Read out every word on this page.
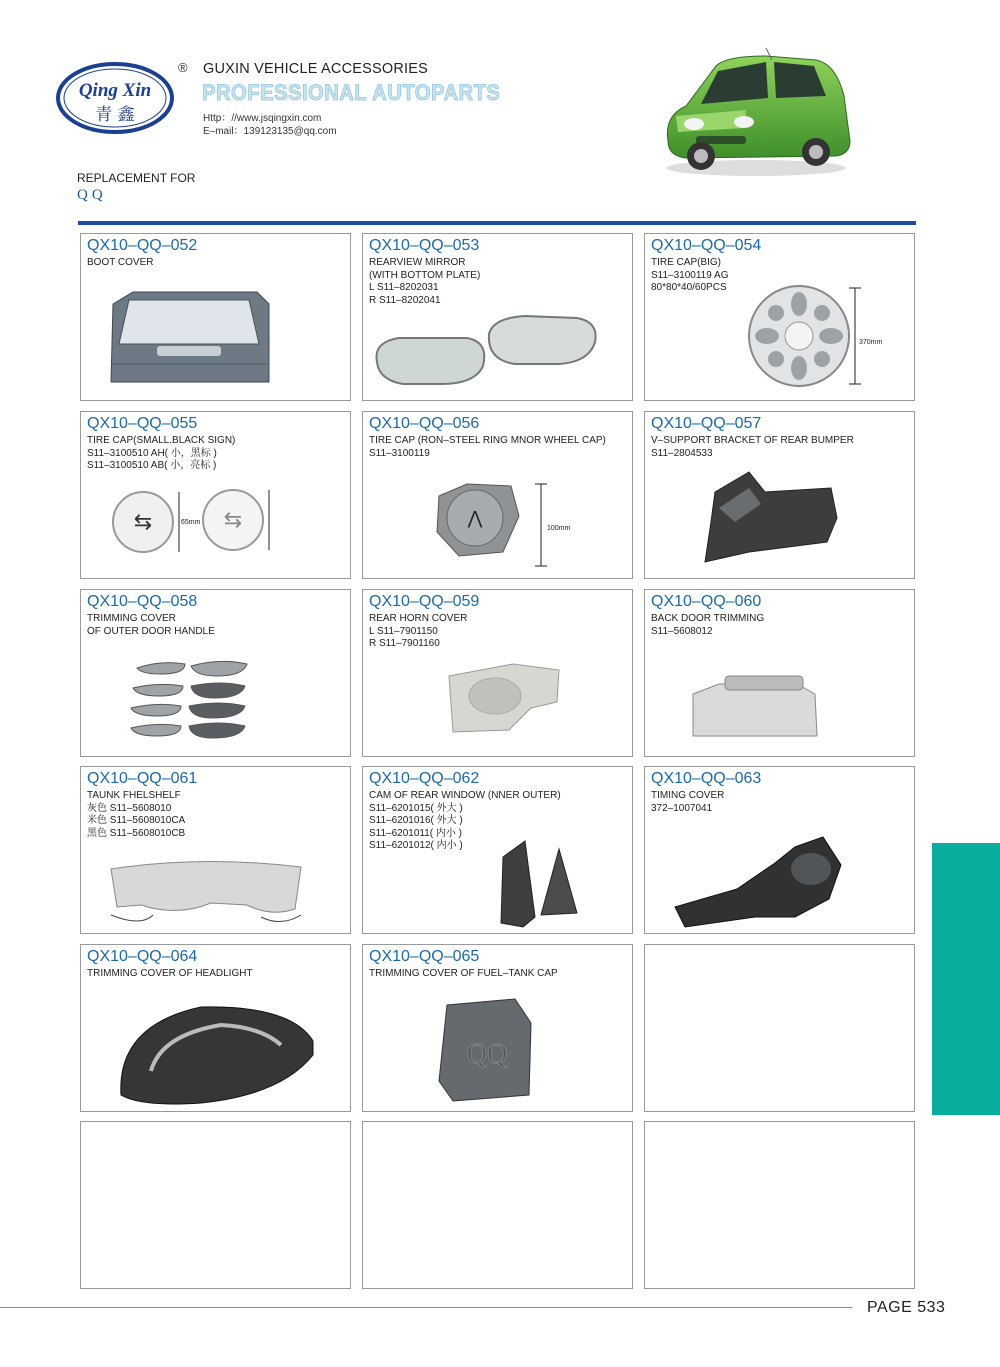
Qing Xin
青 鑫
® GUXIN VEHICLE ACCESSORIES
PROFESSIONAL AUTOPARTS
Http：//www.jsqingxin.com
E–mail：139123135@qq.com
REPLACEMENT FOR
QQ
QX10–QQ–052
BOOT COVER
QX10–QQ–053
REARVIEW MIRROR
(WITH BOTTOM PLATE)
L S11–8202031
R S11–8202041
370mm
QX10–QQ–054
TIRE CAP(BIG)
S11–3100119 AG
80*80*40/60PCS
⇆	⇆
65mm
QX10–QQ–055
TIRE CAP(SMALL.BLACK SIGN)
S11–3100510 AH( 小，黑标 )
S11–3100510 AB( 小，亮标 )
⋀
100mm
QX10–QQ–056
TIRE CAP (RON–STEEL RING MNOR WHEEL CAP)
S11–3100119
QX10–QQ–057
V–SUPPORT BRACKET OF REAR BUMPER
S11–2804533
QX10–QQ–058
TRIMMING COVER
OF OUTER DOOR HANDLE
QX10–QQ–059
REAR HORN COVER
L S11–7901150
R S11–7901160
QX10–QQ–060
BACK DOOR TRIMMING
S11–5608012
QX10–QQ–061
TAUNK FHELSHELF
灰色 S11–5608010
米色 S11–5608010CA
黑色 S11–5608010CB
QX10–QQ–062
CAM OF REAR WINDOW (NNER OUTER)
S11–6201015( 外大 )
S11–6201016( 外大 )
S11–6201011( 内小 )
S11–6201012( 内小 )
QX10–QQ–063
TIMING COVER
372–1007041
QX10–QQ–064
TRIMMING COVER OF HEADLIGHT
QQ
QX10–QQ–065
TRIMMING COVER OF FUEL–TANK CAP
PAGE 533
